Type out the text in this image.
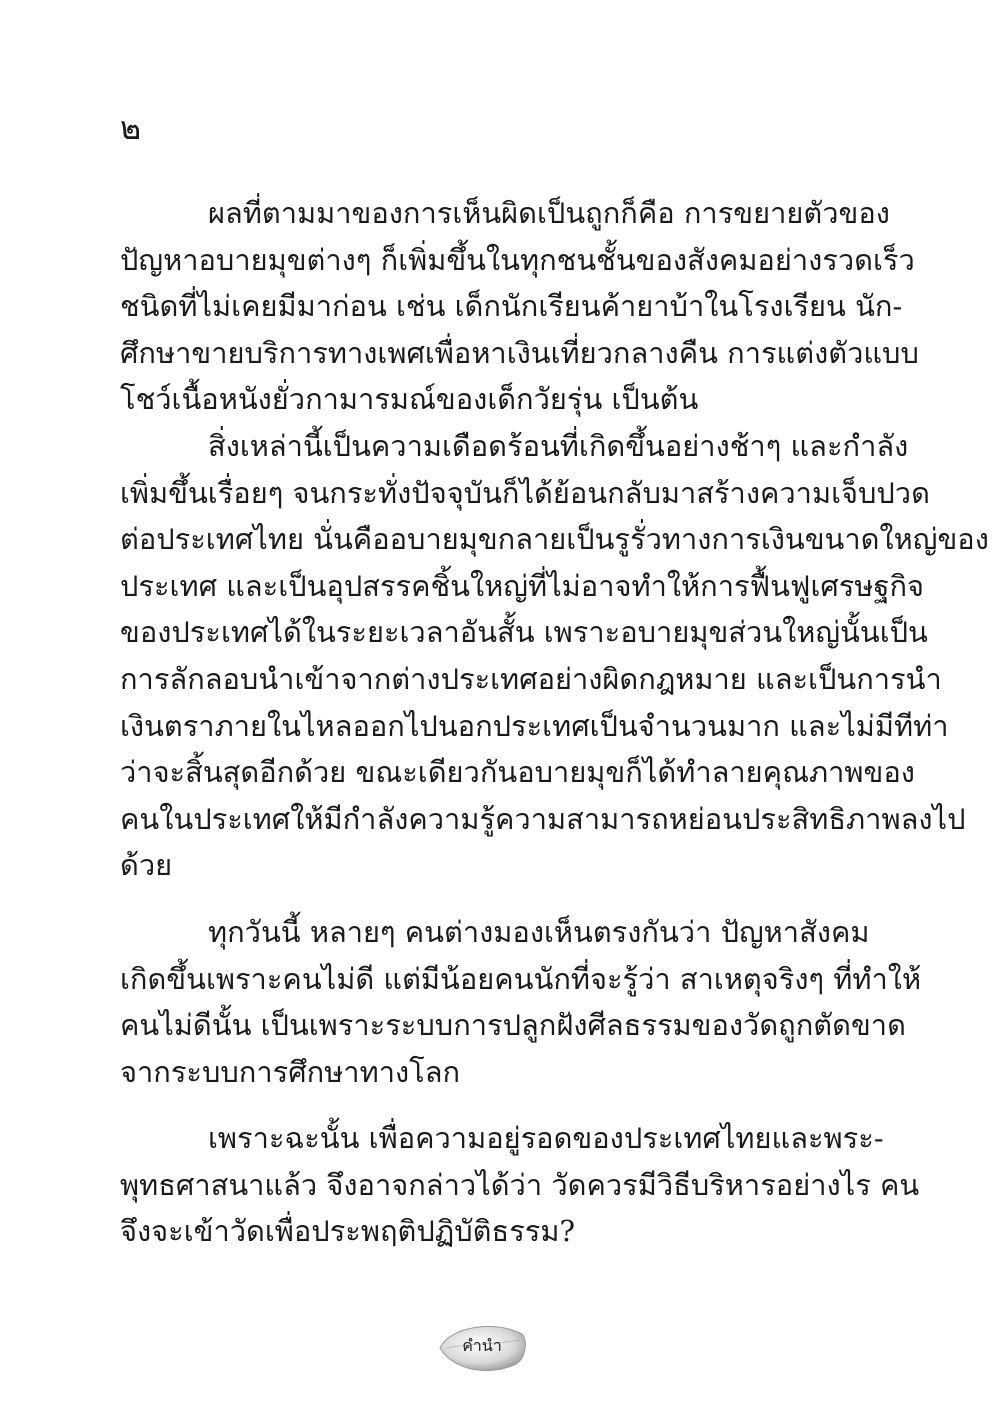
๒
ผลที่ตามมาของการเห็นผิดเป็นถูกก็คือ การขยายตัวของ
ปัญหาอบายมุขต่างๆ ก็เพิ่มขึ้นในทุกชนชั้นของสังคมอย่างรวดเร็ว
ชนิดที่ไม่เคยมีมาก่อน เช่น เด็กนักเรียนค้ายาบ้าในโรงเรียน นัก-
ศึกษาขายบริการทางเพศเพื่อหาเงินเที่ยวกลางคืน การแต่งตัวแบบ
โชว์เนื้อหนังยั่วกามารมณ์ของเด็กวัยรุ่น เป็นต้น
สิ่งเหล่านี้เป็นความเดือดร้อนที่เกิดขึ้นอย่างช้าๆ และกำลัง
เพิ่มขึ้นเรื่อยๆ จนกระทั่งปัจจุบันก็ได้ย้อนกลับมาสร้างความเจ็บปวด
ต่อประเทศไทย นั่นคืออบายมุขกลายเป็นรูรั่วทางการเงินขนาดใหญ่ของ
ประเทศ และเป็นอุปสรรคชิ้นใหญ่ที่ไม่อาจทำให้การฟื้นฟูเศรษฐกิจ
ของประเทศได้ในระยะเวลาอันสั้น เพราะอบายมุขส่วนใหญ่นั้นเป็น
การลักลอบนำเข้าจากต่างประเทศอย่างผิดกฎหมาย และเป็นการนำ
เงินตราภายในไหลออกไปนอกประเทศเป็นจำนวนมาก และไม่มีทีท่า
ว่าจะสิ้นสุดอีกด้วย ขณะเดียวกันอบายมุขก็ได้ทำลายคุณภาพของ
คนในประเทศให้มีกำลังความรู้ความสามารถหย่อนประสิทธิภาพลงไป
ด้วย
ทุกวันนี้ หลายๆ คนต่างมองเห็นตรงกันว่า ปัญหาสังคม
เกิดขึ้นเพราะคนไม่ดี แต่มีน้อยคนนักที่จะรู้ว่า สาเหตุจริงๆ ที่ทำให้
คนไม่ดีนั้น เป็นเพราะระบบการปลูกฝังศีลธรรมของวัดถูกตัดขาด
จากระบบการศึกษาทางโลก
เพราะฉะนั้น เพื่อความอยู่รอดของประเทศไทยและพระ-
พุทธศาสนาแล้ว จึงอาจกล่าวได้ว่า วัดควรมีวิธีบริหารอย่างไร คน
จึงจะเข้าวัดเพื่อประพฤติปฏิบัติธรรม?
คำนำ
